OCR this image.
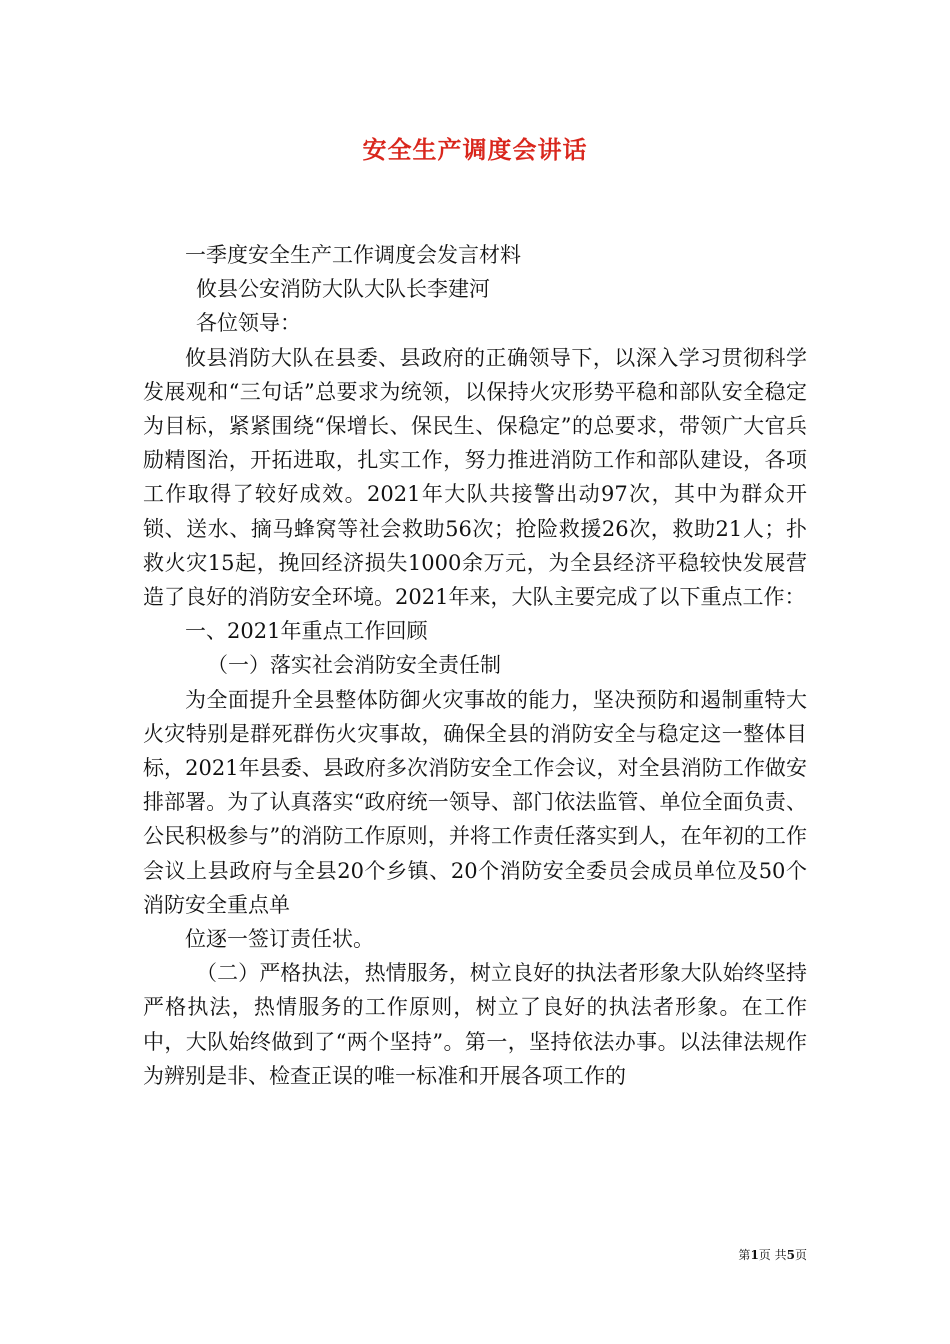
安全生产调度会讲话

一季度安全生产工作调度会发言材料

攸县公安消防大队大队长李建河

各位领导：

攸县消防大队在县委、县政府的正确领导下，以深入学习贯彻科学发展观和“三句话”总要求为统领，以保持火灾形势平稳和部队安全稳定为目标，紧紧围绕“保增长、保民生、保稳定”的总要求，带领广大官兵励精图治，开拓进取，扎实工作，努力推进消防工作和部队建设，各项工作取得了较好成效。2021年大队共接警出动97次，其中为群众开锁、送水、摘马蜂窝等社会救助56次；抢险救援26次，救助21人；扑救火灾15起，挽回经济损失1000余万元，为全县经济平稳较快发展营造了良好的消防安全环境。2021年来，大队主要完成了以下重点工作：

一、2021年重点工作回顾

（一）落实社会消防安全责任制

为全面提升全县整体防御火灾事故的能力，坚决预防和遏制重特大火灾特别是群死群伤火灾事故，确保全县的消防安全与稳定这一整体目标，2021年县委、县政府多次消防安全工作会议，对全县消防工作做安排部署。为了认真落实“政府统一领导、部门依法监管、单位全面负责、公民积极参与”的消防工作原则，并将工作责任落实到人，在年初的工作会议上县政府与全县20个乡镇、20个消防安全委员会成员单位及50个消防安全重点单

位逐一签订责任状。

（二）严格执法，热情服务，树立良好的执法者形象大队始终坚持严格执法，热情服务的工作原则，树立了良好的执法者形象。在工作中，大队始终做到了“两个坚持”。第一，坚持依法办事。以法律法规作为辨别是非、检查正误的唯一标准和开展各项工作的

第1页 共5页
